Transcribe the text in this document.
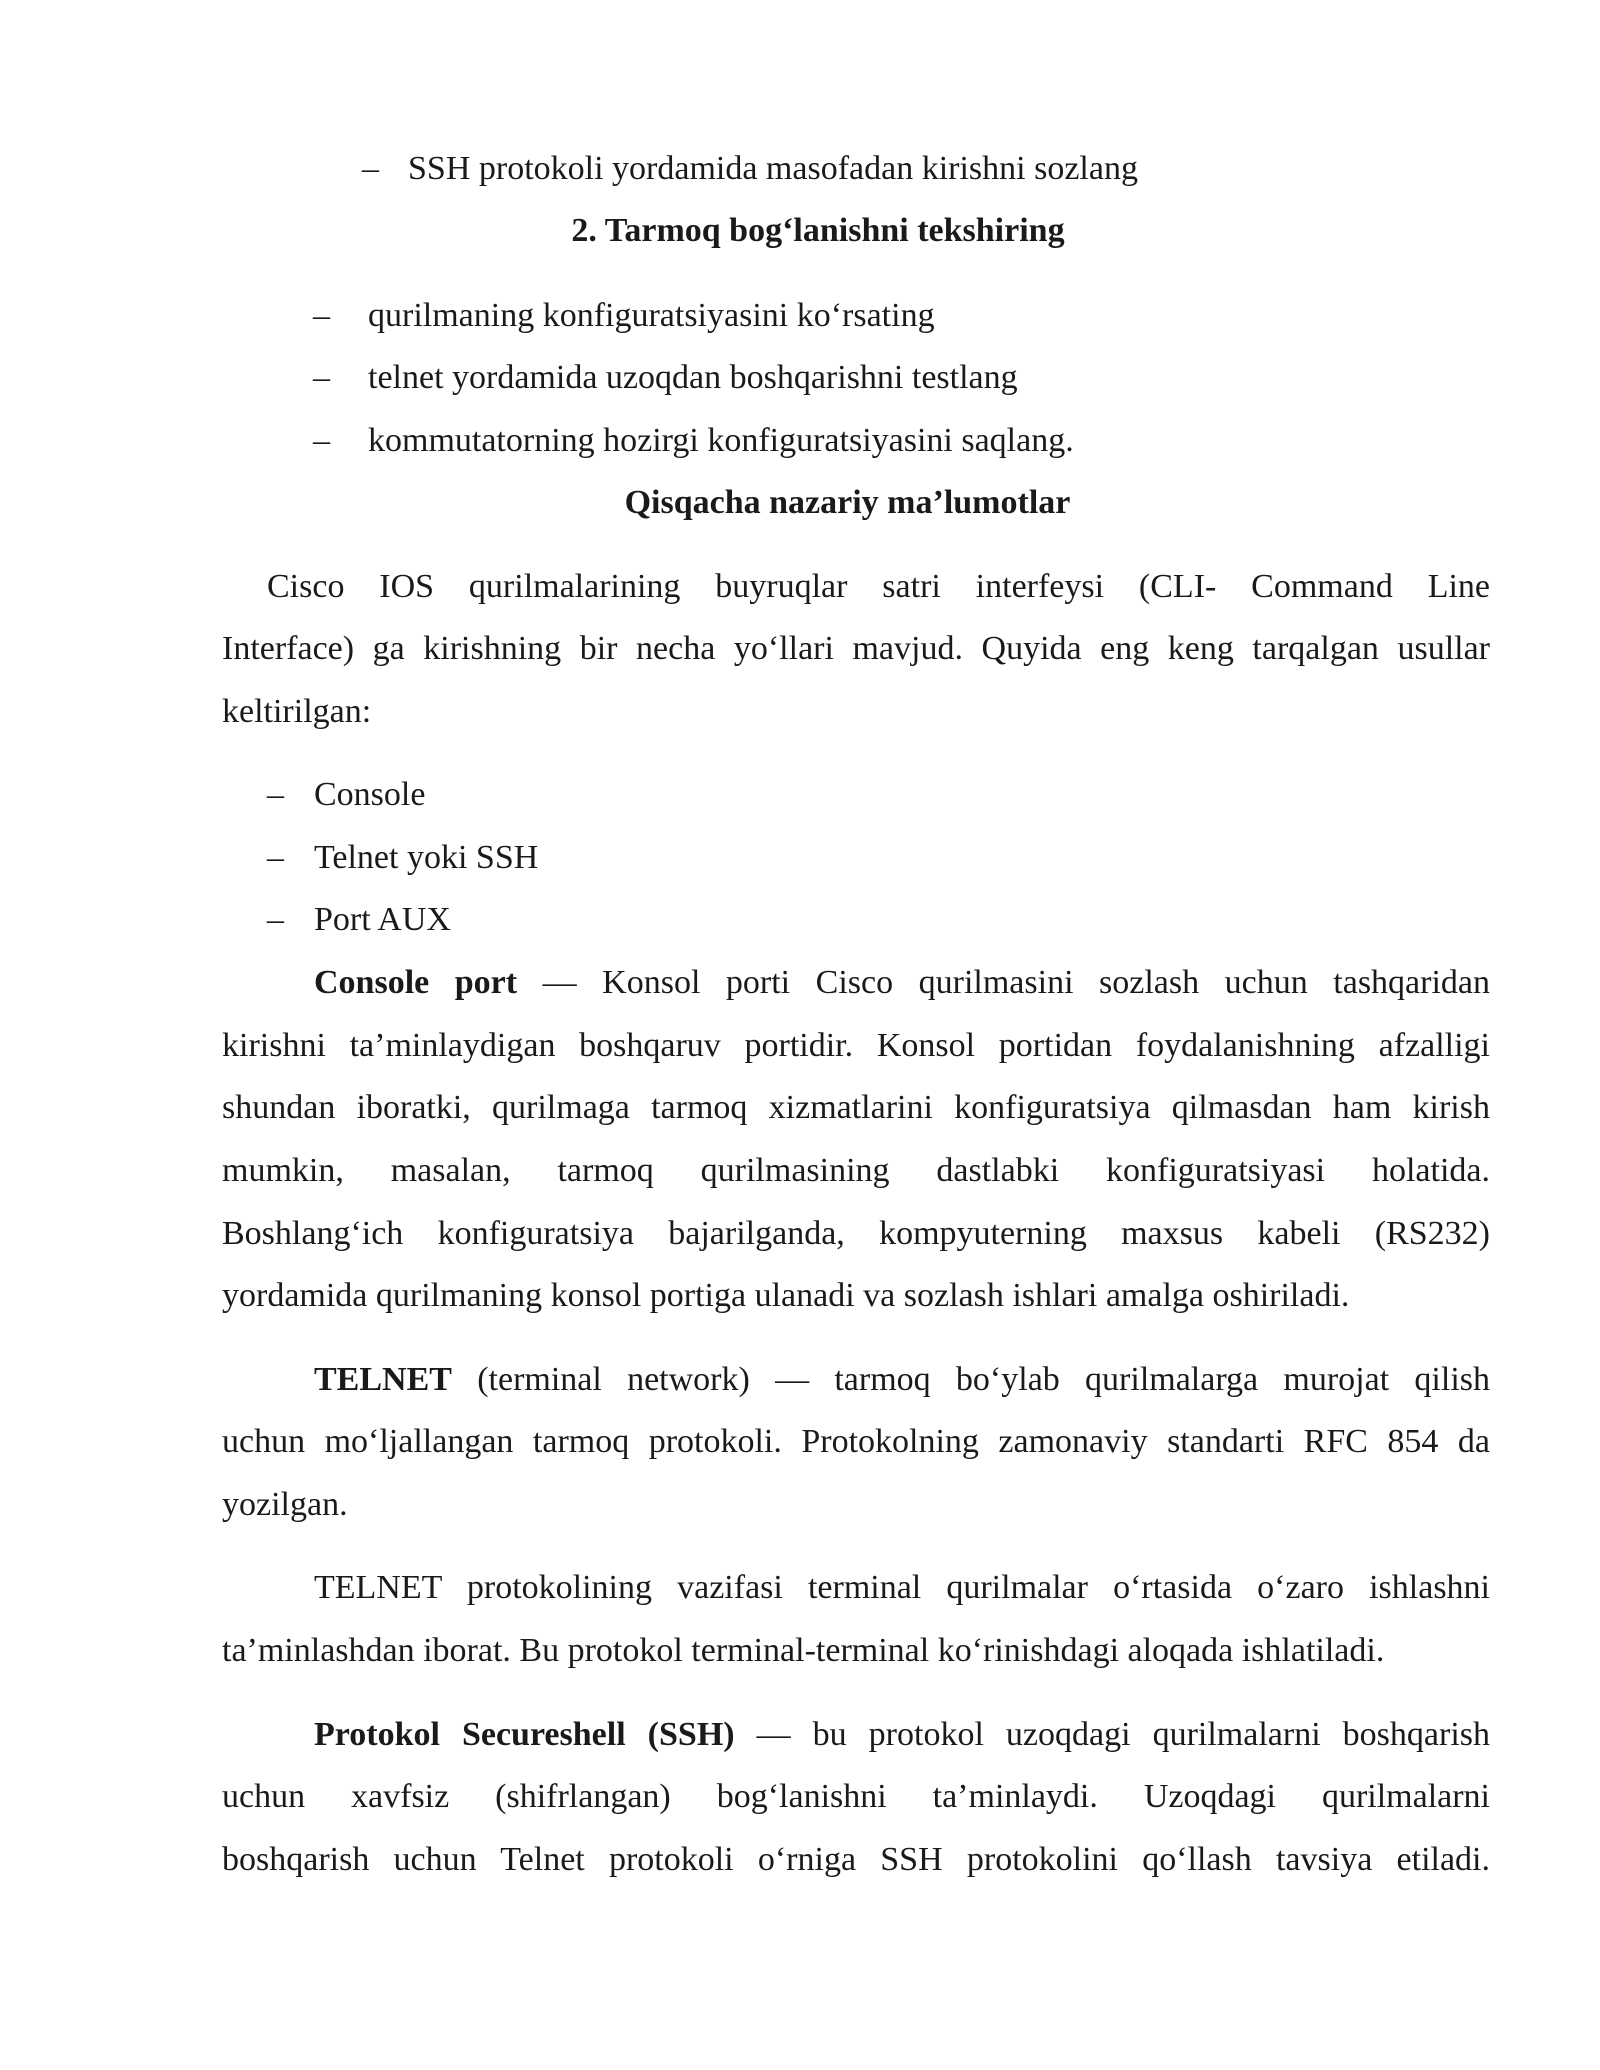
– SSH protokoli yordamida masofadan kirishni sozlang
2. Tarmoq bog‘lanishni tekshiring
– qurilmaning konfiguratsiyasini ko‘rsating
– telnet yordamida uzoqdan boshqarishni testlang
– kommutatorning hozirgi konfiguratsiyasini saqlang.
Qisqacha nazariy ma’lumotlar
Cisco IOS qurilmalarining buyruqlar satri interfeysi (CLI- Command Line
Interface) ga kirishning bir necha yo‘llari mavjud. Quyida eng keng tarqalgan usullar
keltirilgan:
– Console
– Telnet yoki SSH
– Port AUX
Console port — Konsol porti Cisco qurilmasini sozlash uchun tashqaridan
kirishni ta’minlaydigan boshqaruv portidir. Konsol portidan foydalanishning afzalligi
shundan iboratki, qurilmaga tarmoq xizmatlarini konfiguratsiya qilmasdan ham kirish
mumkin, masalan, tarmoq qurilmasining dastlabki konfiguratsiyasi holatida.
Boshlang‘ich konfiguratsiya bajarilganda, kompyuterning maxsus kabeli (RS232)
yordamida qurilmaning konsol portiga ulanadi va sozlash ishlari amalga oshiriladi.
TELNET (terminal network) — tarmoq bo‘ylab qurilmalarga murojat qilish
uchun mo‘ljallangan tarmoq protokoli. Protokolning zamonaviy standarti RFC 854 da
yozilgan.
TELNET protokolining vazifasi terminal qurilmalar o‘rtasida o‘zaro ishlashni
ta’minlashdan iborat. Bu protokol terminal-terminal ko‘rinishdagi aloqada ishlatiladi.
Protokol Secureshell (SSH) — bu protokol uzoqdagi qurilmalarni boshqarish
uchun xavfsiz (shifrlangan) bog‘lanishni ta’minlaydi. Uzoqdagi qurilmalarni
boshqarish uchun Telnet protokoli o‘rniga SSH protokolini qo‘llash tavsiya etiladi.
